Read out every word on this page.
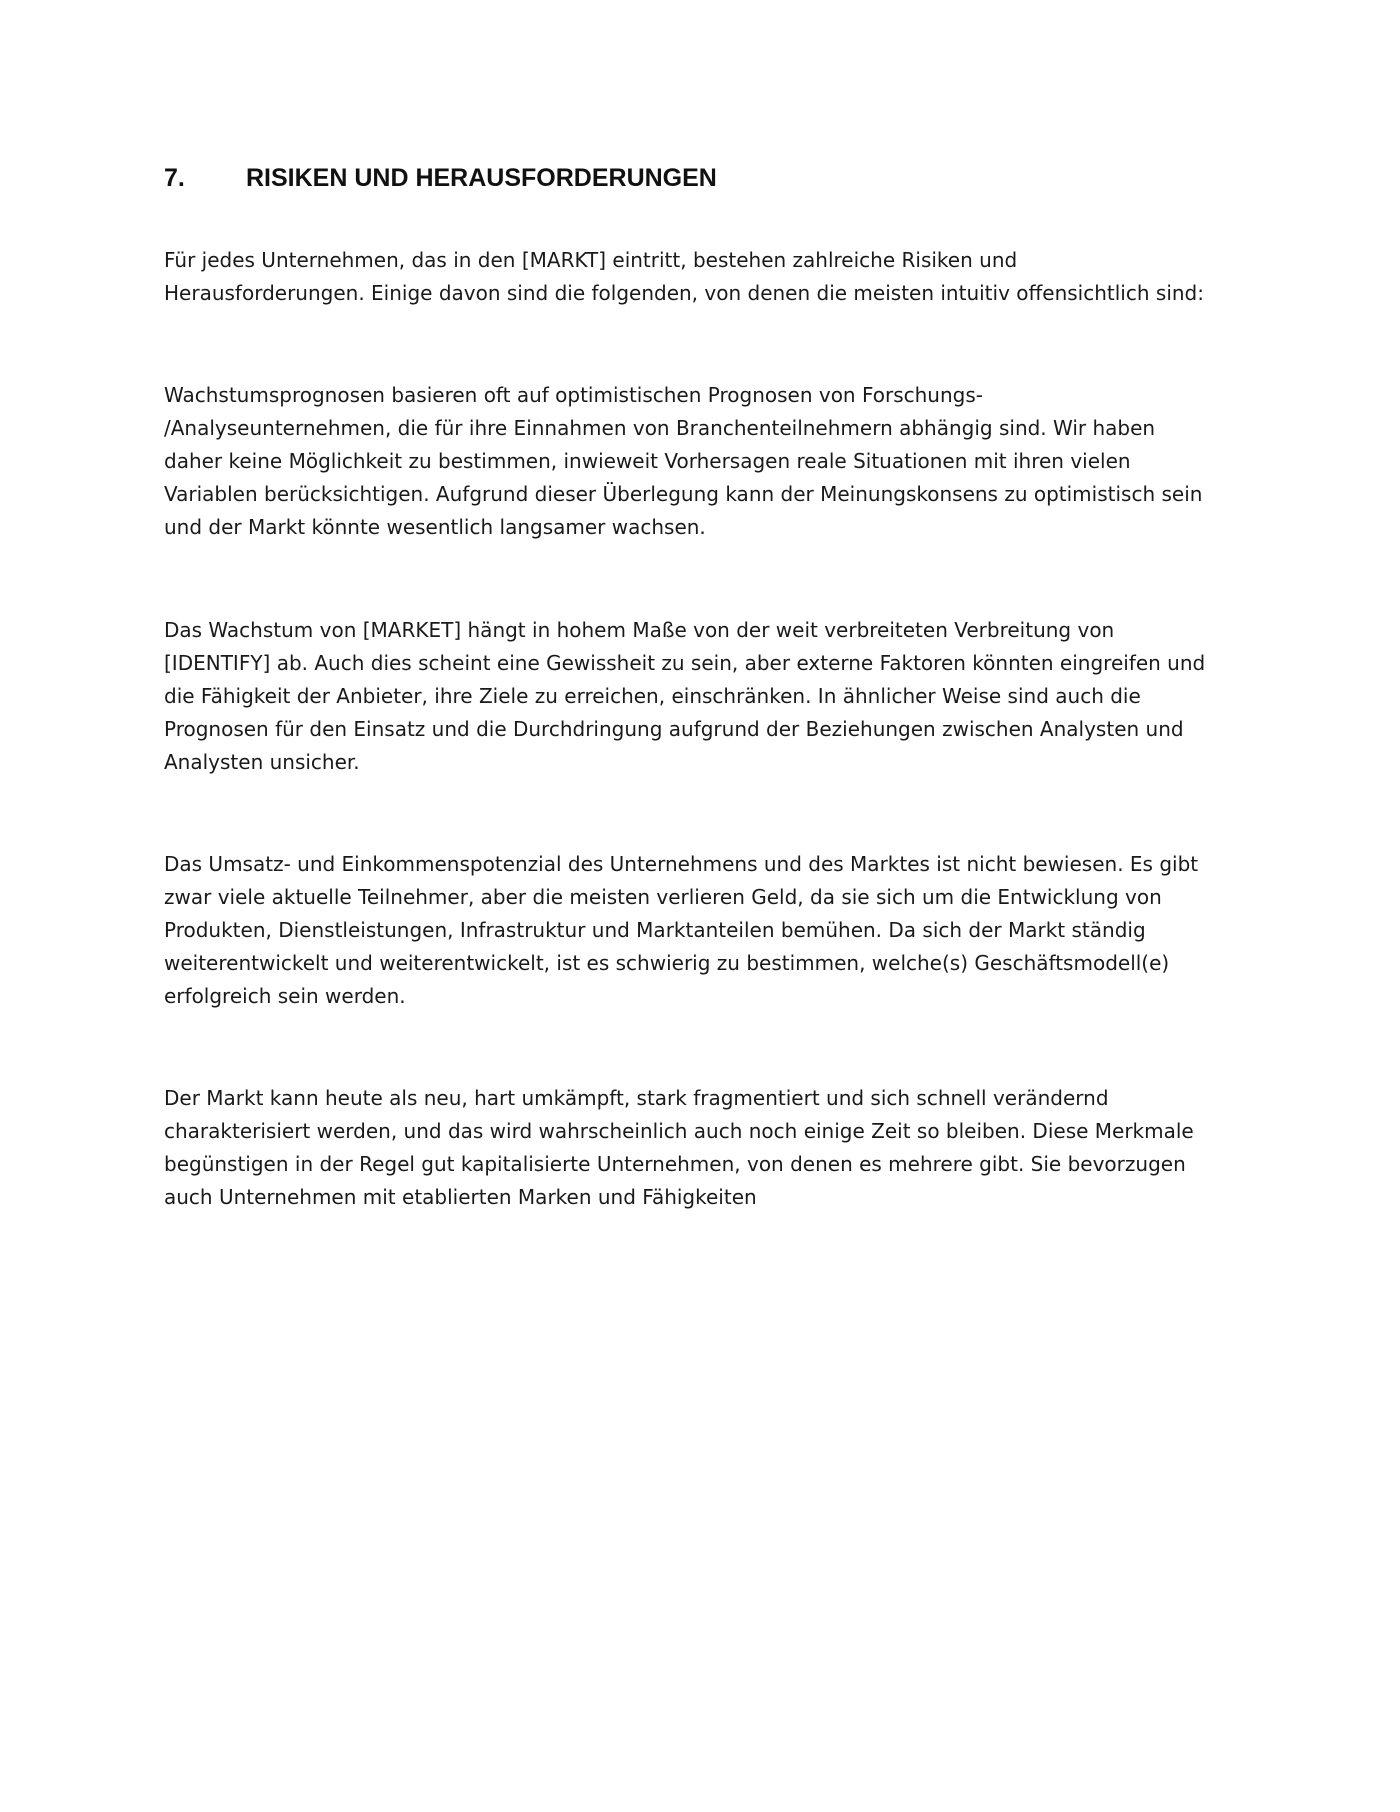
7. RISIKEN UND HERAUSFORDERUNGEN
Für jedes Unternehmen, das in den [MARKT] eintritt, bestehen zahlreiche Risiken und
Herausforderungen. Einige davon sind die folgenden, von denen die meisten intuitiv offensichtlich sind:
Wachstumsprognosen basieren oft auf optimistischen Prognosen von Forschungs-
/Analyseunternehmen, die für ihre Einnahmen von Branchenteilnehmern abhängig sind. Wir haben
daher keine Möglichkeit zu bestimmen, inwieweit Vorhersagen reale Situationen mit ihren vielen
Variablen berücksichtigen. Aufgrund dieser Überlegung kann der Meinungskonsens zu optimistisch sein
und der Markt könnte wesentlich langsamer wachsen.
Das Wachstum von [MARKET] hängt in hohem Maße von der weit verbreiteten Verbreitung von
[IDENTIFY] ab. Auch dies scheint eine Gewissheit zu sein, aber externe Faktoren könnten eingreifen und
die Fähigkeit der Anbieter, ihre Ziele zu erreichen, einschränken. In ähnlicher Weise sind auch die
Prognosen für den Einsatz und die Durchdringung aufgrund der Beziehungen zwischen Analysten und
Analysten unsicher.
Das Umsatz- und Einkommenspotenzial des Unternehmens und des Marktes ist nicht bewiesen. Es gibt
zwar viele aktuelle Teilnehmer, aber die meisten verlieren Geld, da sie sich um die Entwicklung von
Produkten, Dienstleistungen, Infrastruktur und Marktanteilen bemühen. Da sich der Markt ständig
weiterentwickelt und weiterentwickelt, ist es schwierig zu bestimmen, welche(s) Geschäftsmodell(e)
erfolgreich sein werden.
Der Markt kann heute als neu, hart umkämpft, stark fragmentiert und sich schnell verändernd
charakterisiert werden, und das wird wahrscheinlich auch noch einige Zeit so bleiben. Diese Merkmale
begünstigen in der Regel gut kapitalisierte Unternehmen, von denen es mehrere gibt. Sie bevorzugen
auch Unternehmen mit etablierten Marken und Fähigkeiten
